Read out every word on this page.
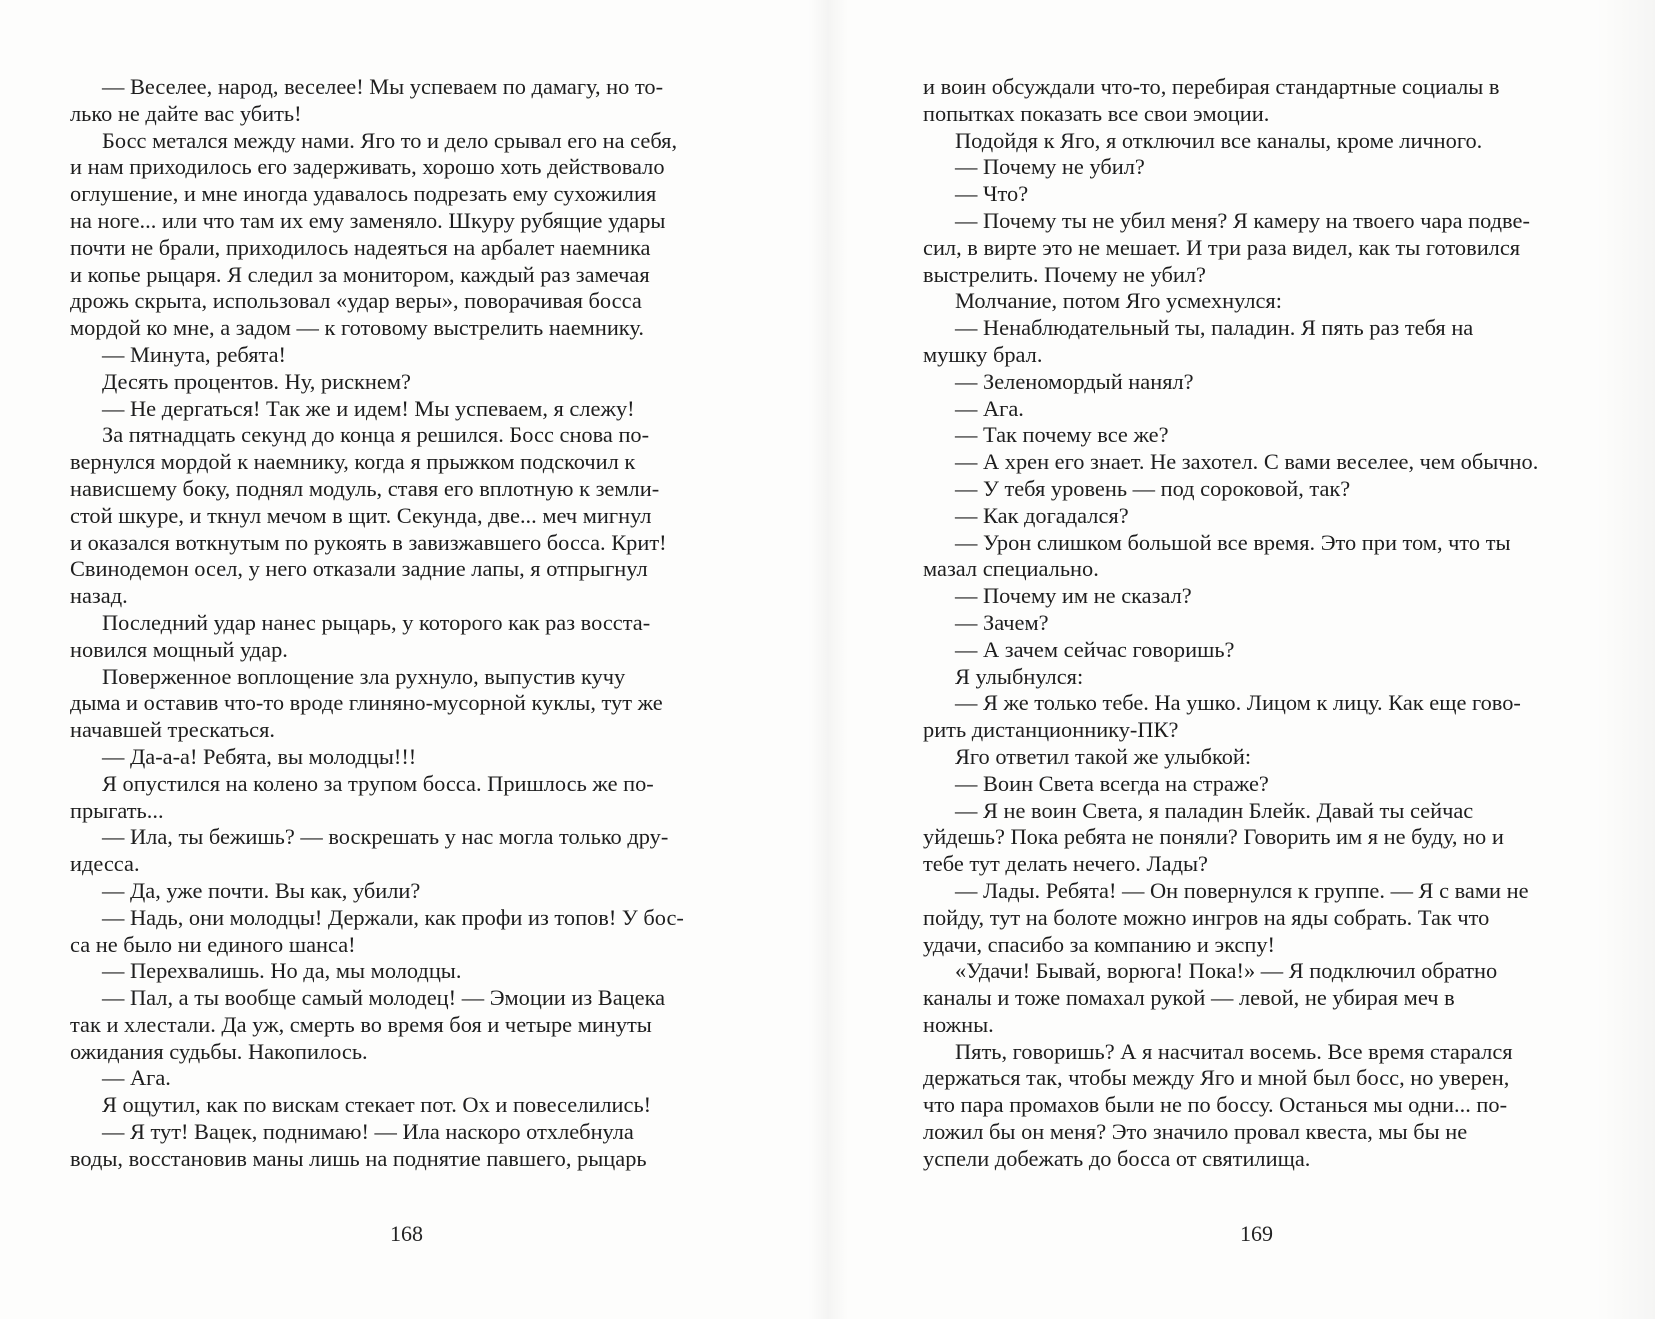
— Веселее, народ, веселее! Мы успеваем по дамагу, но то-
лько не дайте вас убить!
Босс метался между нами. Яго то и дело срывал его на себя,
и нам приходилось его задерживать, хорошо хоть действовало
оглушение, и мне иногда удавалось подрезать ему сухожилия
на ноге... или что там их ему заменяло. Шкуру рубящие удары
почти не брали, приходилось надеяться на арбалет наемника
и копье рыцаря. Я следил за монитором, каждый раз замечая
дрожь скрыта, использовал «удар веры», поворачивая босса
мордой ко мне, а задом — к готовому выстрелить наемнику.
— Минута, ребята!
Десять процентов. Ну, рискнем?
— Не дергаться! Так же и идем! Мы успеваем, я слежу!
За пятнадцать секунд до конца я решился. Босс снова по-
вернулся мордой к наемнику, когда я прыжком подскочил к
нависшему боку, поднял модуль, ставя его вплотную к земли-
стой шкуре, и ткнул мечом в щит. Секунда, две... меч мигнул
и оказался воткнутым по рукоять в завизжавшего босса. Крит!
Свинодемон осел, у него отказали задние лапы, я отпрыгнул
назад.
Последний удар нанес рыцарь, у которого как раз восста-
новился мощный удар.
Поверженное воплощение зла рухнуло, выпустив кучу
дыма и оставив что-то вроде глиняно-мусорной куклы, тут же
начавшей трескаться.
— Да-а-а! Ребята, вы молодцы!!!
Я опустился на колено за трупом босса. Пришлось же по-
прыгать...
— Ила, ты бежишь? — воскрешать у нас могла только дру-
идесса.
— Да, уже почти. Вы как, убили?
— Надь, они молодцы! Держали, как профи из топов! У бос-
са не было ни единого шанса!
— Перехвалишь. Но да, мы молодцы.
— Пал, а ты вообще самый молодец! — Эмоции из Вацека
так и хлестали. Да уж, смерть во время боя и четыре минуты
ожидания судьбы. Накопилось.
— Ага.
Я ощутил, как по вискам стекает пот. Ох и повеселились!
— Я тут! Вацек, поднимаю! — Ила наскоро отхлебнула
воды, восстановив маны лишь на поднятие павшего, рыцарь
168
и воин обсуждали что-то, перебирая стандартные социалы в
попытках показать все свои эмоции.
Подойдя к Яго, я отключил все каналы, кроме личного.
— Почему не убил?
— Что?
— Почему ты не убил меня? Я камеру на твоего чара подве-
сил, в вирте это не мешает. И три раза видел, как ты готовился
выстрелить. Почему не убил?
Молчание, потом Яго усмехнулся:
— Ненаблюдательный ты, паладин. Я пять раз тебя на
мушку брал.
— Зеленомордый нанял?
— Ага.
— Так почему все же?
— А хрен его знает. Не захотел. С вами веселее, чем обычно.
— У тебя уровень — под сороковой, так?
— Как догадался?
— Урон слишком большой все время. Это при том, что ты
мазал специально.
— Почему им не сказал?
— Зачем?
— А зачем сейчас говоришь?
Я улыбнулся:
— Я же только тебе. На ушко. Лицом к лицу. Как еще гово-
рить дистанционнику-ПК?
Яго ответил такой же улыбкой:
— Воин Света всегда на страже?
— Я не воин Света, я паладин Блейк. Давай ты сейчас
уйдешь? Пока ребята не поняли? Говорить им я не буду, но и
тебе тут делать нечего. Лады?
— Лады. Ребята! — Он повернулся к группе. — Я с вами не
пойду, тут на болоте можно ингров на яды собрать. Так что
удачи, спасибо за компанию и экспу!
«Удачи! Бывай, ворюга! Пока!» — Я подключил обратно
каналы и тоже помахал рукой — левой, не убирая меч в
ножны.
Пять, говоришь? А я насчитал восемь. Все время старался
держаться так, чтобы между Яго и мной был босс, но уверен,
что пара промахов были не по боссу. Останься мы одни... по-
ложил бы он меня? Это значило провал квеста, мы бы не
успели добежать до босса от святилища.
169
